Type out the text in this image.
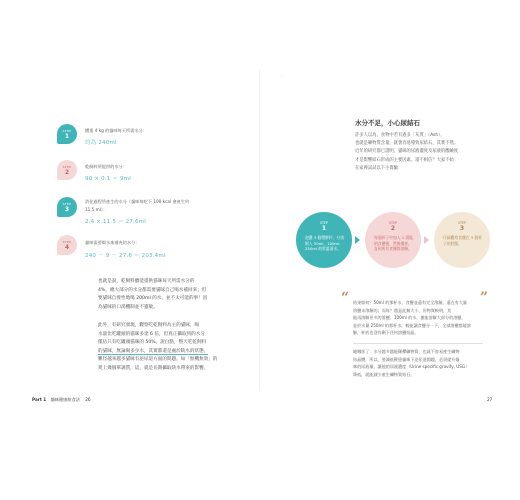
STEP
1
體重 4 kg 的貓咪每天所需水分：
約為 240ml
STEP
2
乾飼料所提供的水分：
90 × 0.1 ＝ 9ml
STEP
3
消化過程所產生的水分（貓咪每吃下 100 kcal 會產生約
11.5 ml）：
2.4 × 11.5 ＝ 27.6ml
STEP
4
貓咪需要喝水來補充的水分：
240 － 9 － 27.6 ＝ 203.4ml
也就是說，乾飼料雖能提供貓咪每天所需水分的
4%，總大部分的水分都需要貓咪自己喝水補回來；但
要貓咪自發性地喝 200ml 的水，並不太可能的事！因
為貓咪的口渴機制並不靈敏。
此外，有研究發現，觀察吃乾飼料為主的貓咪，喝
水量比吃罐頭的貓咪多達 6 倍，但真正攝取到的水分
僅佔只有吃罐頭貓咪的 50%。說白點，整天吃乾飼料
的貓咪，無論喝多少水，其實都還是處於缺水的狀態，
難怪越來越多貓咪有泌尿道方面的問題。如「無機無效」的
愛上幾個單調質，這，就是長期攝取缺水帶來的影響。
Part 1 貓咪健康飲食法 26
·
水分不足，小心尿結石
許多人以為，食物中若有過多「灰質」（Ash），
也就是礦物質含量，就會容易導致尿結石，其實不然。
近年的研究都已證明，貓咪的尿液濃度及尿液的酸鹼度
才是影響結石形成的主要因素。還不相信？大家不妨
在家裡試試以下小實驗：
STEP
1
泡濃 3 個塑膠杯，分別倒入 50ml、100ml、250ml 的常溫清水。
STEP
2
每個杯子中加入 1 湯匙的食鹽後，然後攪拌，直到所有食鹽都溶解。
STEP
3
仔細觀察食鹽在 3 個杯子的狀態。
“	”
結果如何？50ml 的那杯水，食鹽並還有完全溶解，還在有大量
溶鹽未溶解的；而每？越是此無大小，但物質較明，其
能再溶解更多的溶鹽；100ml 的水，雖能溶解大部分的溶鹽，
並於水量 250ml 的那杯水，較能讓食鹽分一下，全部溶鹽都能溶
解，杯底也沒有剩下任何溶鹽結晶。
她哪你了：水分越多越能稀釋礦物質，也就不容易產生礦物
結晶體，所以，要減低罹患貓咪下泌尿道問題，必須提升貓
咪的尿液量，讓他的尿液濃度（Urine specific gravity, USG）
降低，就能減少產生礦物質結石。
27
